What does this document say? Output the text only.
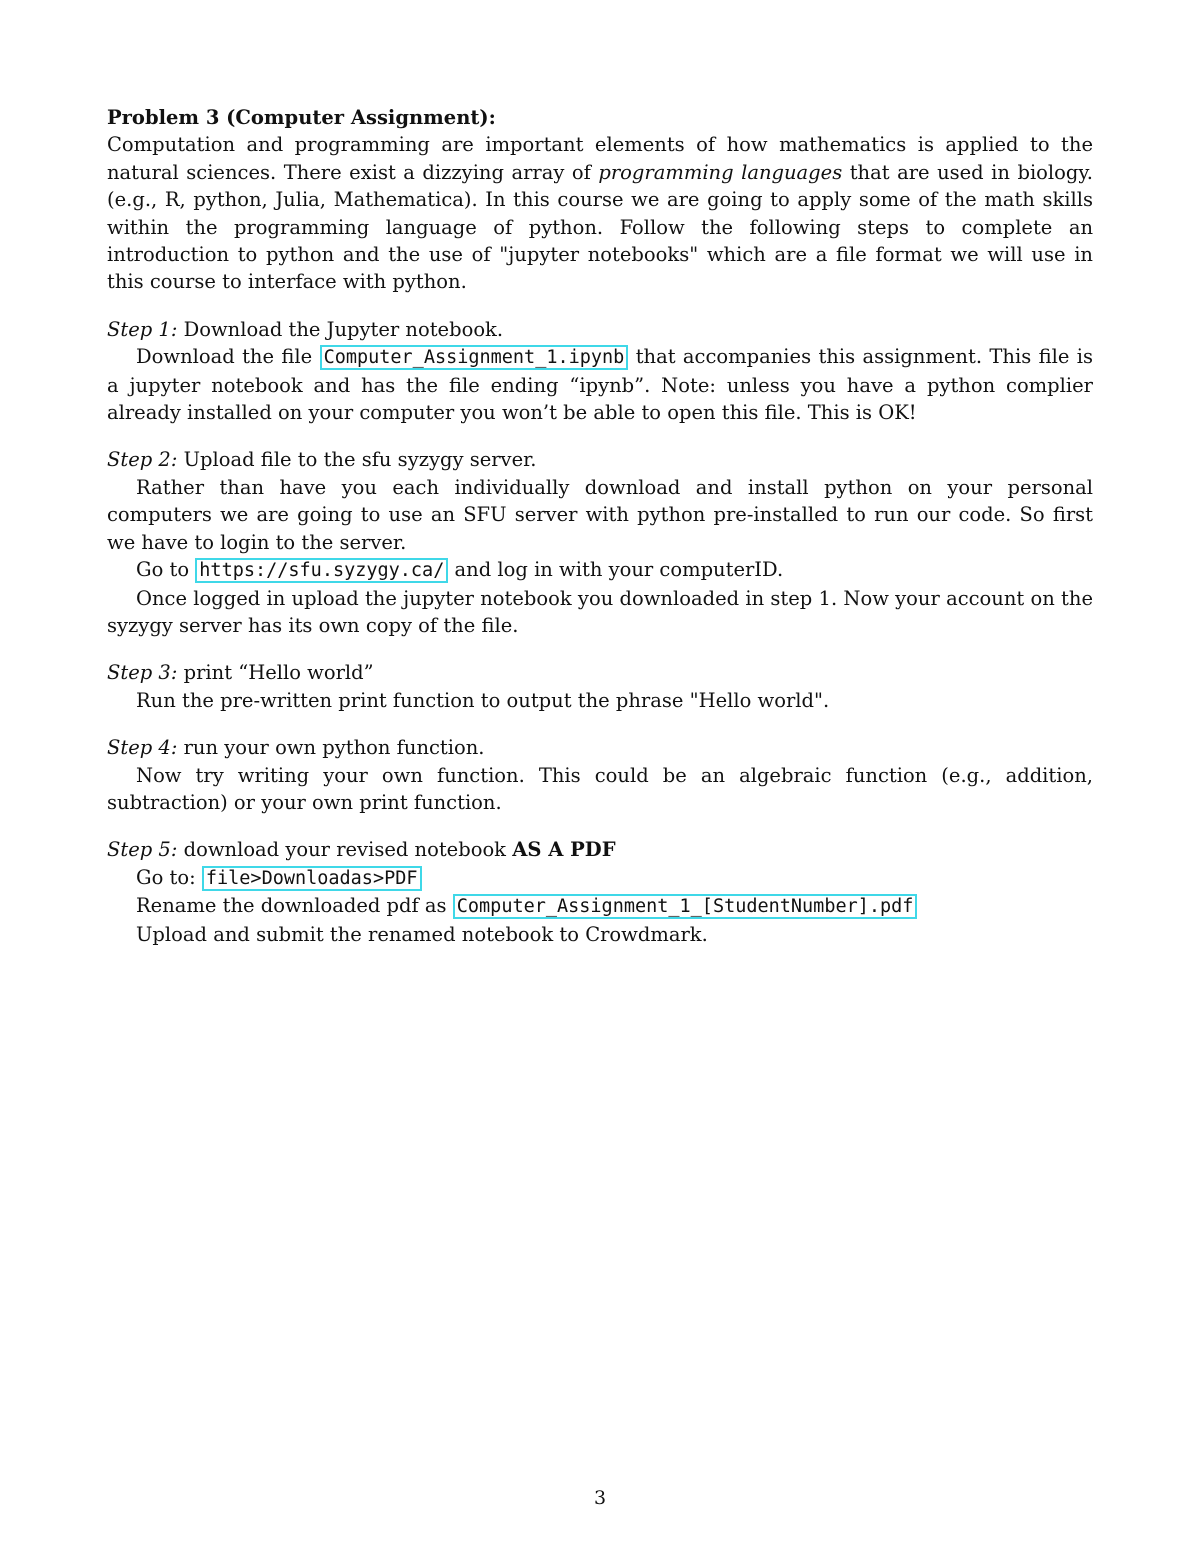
Problem 3 (Computer Assignment):

Computation and programming are important elements of how mathematics is applied to the natural sciences. There exist a dizzying array of programming languages that are used in biology. (e.g., R, python, Julia, Mathematica). In this course we are going to apply some of the math skills within the programming language of python. Follow the following steps to complete an introduction to python and the use of "jupyter notebooks" which are a file format we will use in this course to interface with python.

Step 1: Download the Jupyter notebook.

Download the file Computer_Assignment_1.ipynb that accompanies this assignment. This file is a jupyter notebook and has the file ending “ipynb”. Note: unless you have a python complier already installed on your computer you won’t be able to open this file. This is OK!

Step 2: Upload file to the sfu syzygy server.

Rather than have you each individually download and install python on your personal computers we are going to use an SFU server with python pre-installed to run our code. So first we have to login to the server.

Go to https://sfu.syzygy.ca/ and log in with your computerID.

Once logged in upload the jupyter notebook you downloaded in step 1. Now your account on the syzygy server has its own copy of the file.

Step 3: print “Hello world”

Run the pre-written print function to output the phrase "Hello world".

Step 4: run your own python function.

Now try writing your own function. This could be an algebraic function (e.g., addition, subtraction) or your own print function.

Step 5: download your revised notebook AS A PDF

Go to: file>Downloadas>PDF

Rename the downloaded pdf as Computer_Assignment_1_[StudentNumber].pdf

Upload and submit the renamed notebook to Crowdmark.

3
